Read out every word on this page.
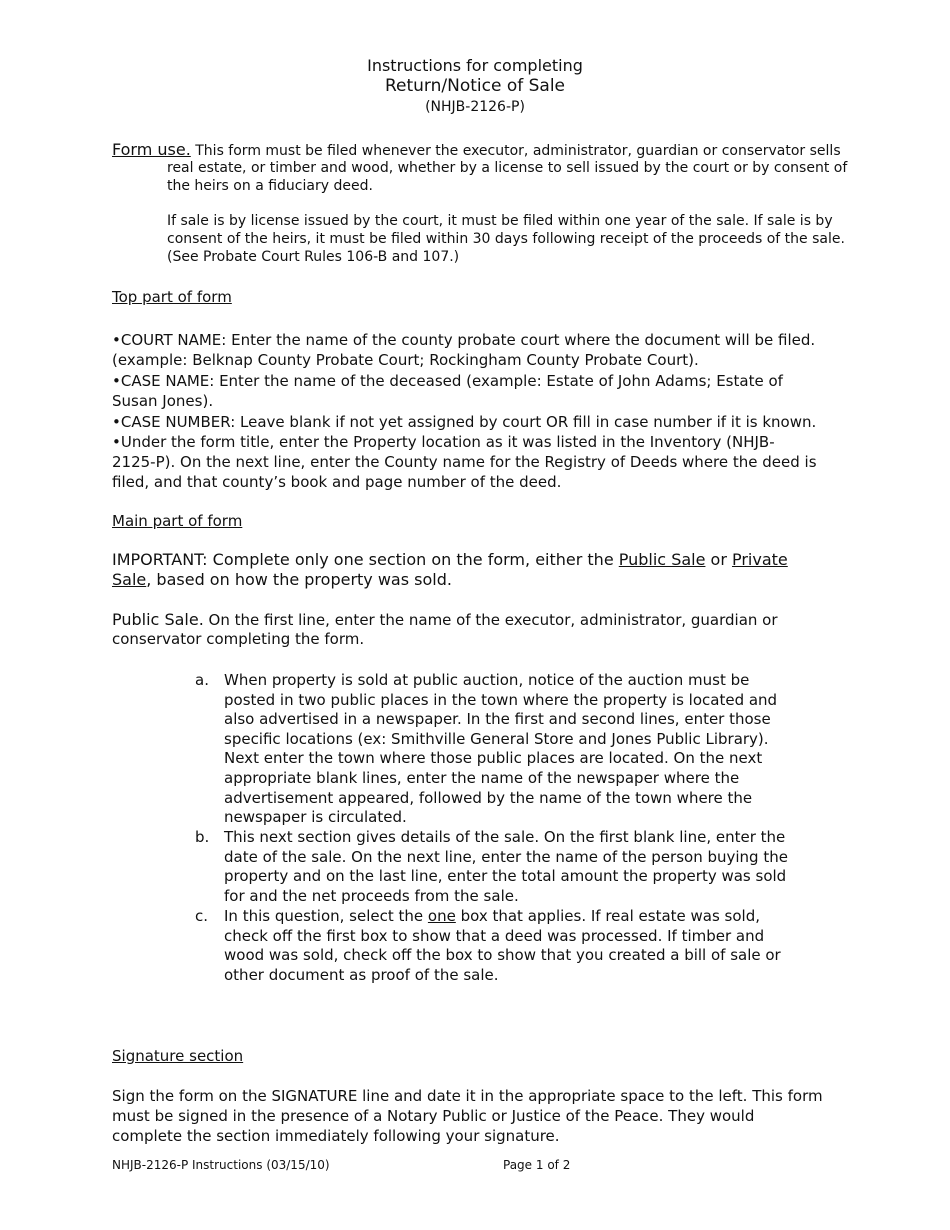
Instructions for completing
Return/Notice of Sale
(NHJB-2126-P)
Form use. This form must be filed whenever the executor, administrator, guardian or conservator sells
real estate, or timber and wood, whether by a license to sell issued by the court or by consent of
the heirs on a fiduciary deed.
If sale is by license issued by the court, it must be filed within one year of the sale. If sale is by
consent of the heirs, it must be filed within 30 days following receipt of the proceeds of the sale.
(See Probate Court Rules 106-B and 107.)
Top part of form
•COURT NAME: Enter the name of the county probate court where the document will be filed.
(example: Belknap County Probate Court; Rockingham County Probate Court).
•CASE NAME: Enter the name of the deceased (example: Estate of John Adams; Estate of
Susan Jones).
•CASE NUMBER: Leave blank if not yet assigned by court OR fill in case number if it is known.
•Under the form title, enter the Property location as it was listed in the Inventory (NHJB-
2125-P). On the next line, enter the County name for the Registry of Deeds where the deed is
filed, and that county’s book and page number of the deed.
Main part of form
IMPORTANT: Complete only one section on the form, either the Public Sale or Private
Sale, based on how the property was sold.
Public Sale. On the first line, enter the name of the executor, administrator, guardian or
conservator completing the form.
a. When property is sold at public auction, notice of the auction must be
posted in two public places in the town where the property is located and
also advertised in a newspaper. In the first and second lines, enter those
specific locations (ex: Smithville General Store and Jones Public Library).
Next enter the town where those public places are located. On the next
appropriate blank lines, enter the name of the newspaper where the
advertisement appeared, followed by the name of the town where the
newspaper is circulated.
b. This next section gives details of the sale. On the first blank line, enter the
date of the sale. On the next line, enter the name of the person buying the
property and on the last line, enter the total amount the property was sold
for and the net proceeds from the sale.
c. In this question, select the one box that applies. If real estate was sold,
check off the first box to show that a deed was processed. If timber and
wood was sold, check off the box to show that you created a bill of sale or
other document as proof of the sale.
Signature section
Sign the form on the SIGNATURE line and date it in the appropriate space to the left. This form
must be signed in the presence of a Notary Public or Justice of the Peace. They would
complete the section immediately following your signature.
NHJB-2126-P Instructions (03/15/10)	Page 1 of 2
